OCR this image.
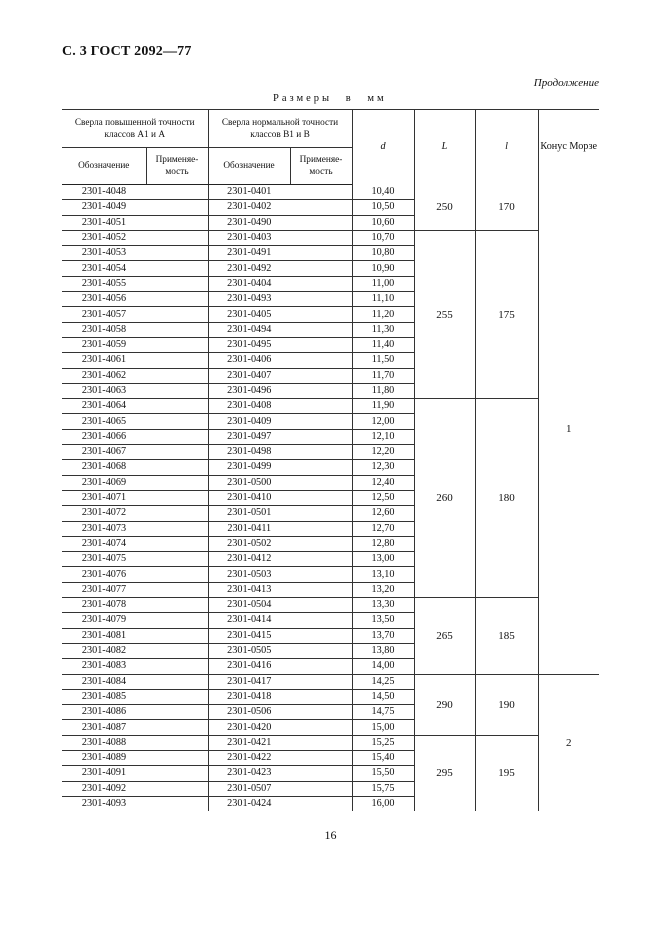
С. 3 ГОСТ 2092—77
Продолжение
Размеры в мм
Сверла повышенной точности классов А1 и А		Сверла нормальной точности классов В1 и В		d	L	l	Конус Морзе
Обозначение	Применяе-мость	Обозначение	Применяе-мость				
2301-4048		2301-0401		10,40	250	170	1
2301-4049		2301-0402		10,50			
2301-4051		2301-0490		10,60			
2301-4052		2301-0403		10,70	255	175	
2301-4053		2301-0491		10,80			
2301-4054		2301-0492		10,90			
2301-4055		2301-0404		11,00			
2301-4056		2301-0493		11,10			
2301-4057		2301-0405		11,20			
2301-4058		2301-0494		11,30			
2301-4059		2301-0495		11,40			
2301-4061		2301-0406		11,50			
2301-4062		2301-0407		11,70			
2301-4063		2301-0496		11,80			
2301-4064		2301-0408		11,90	260	180	
2301-4065		2301-0409		12,00			
2301-4066		2301-0497		12,10			
2301-4067		2301-0498		12,20			
2301-4068		2301-0499		12,30			
2301-4069		2301-0500		12,40			
2301-4071		2301-0410		12,50			
2301-4072		2301-0501		12,60			
2301-4073		2301-0411		12,70			
2301-4074		2301-0502		12,80			
2301-4075		2301-0412		13,00			
2301-4076		2301-0503		13,10			
2301-4077		2301-0413		13,20			
2301-4078		2301-0504		13,30	265	185	
2301-4079		2301-0414		13,50			
2301-4081		2301-0415		13,70			
2301-4082		2301-0505		13,80			
2301-4083		2301-0416		14,00			
2301-4084		2301-0417		14,25	290	190	2
2301-4085		2301-0418		14,50			
2301-4086		2301-0506		14,75			
2301-4087		2301-0420		15,00			
2301-4088		2301-0421		15,25	295	195	
2301-4089		2301-0422		15,40			
2301-4091		2301-0423		15,50			
2301-4092		2301-0507		15,75			
2301-4093		2301-0424		16,00			
16
